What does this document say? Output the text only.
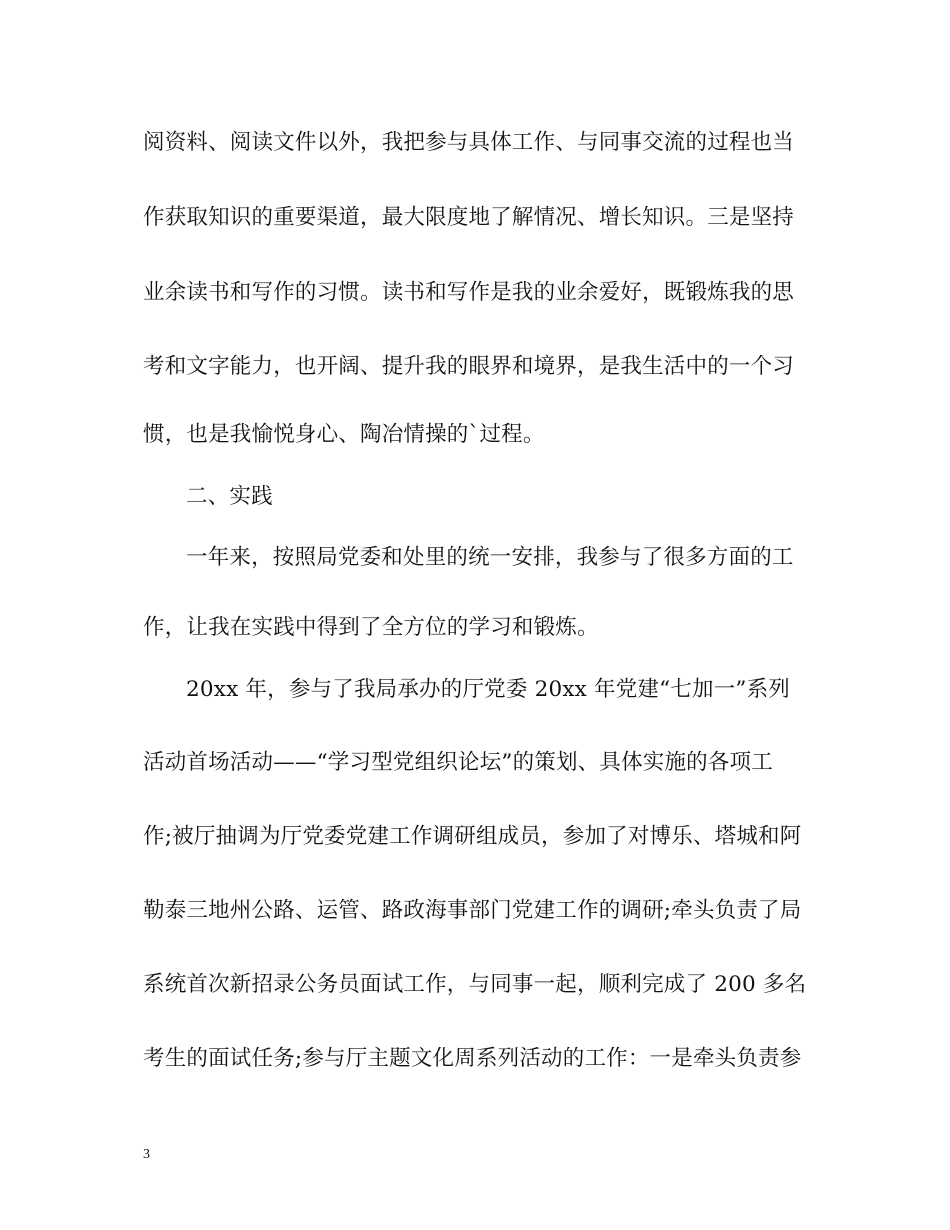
阅资料、阅读文件以外，我把参与具体工作、与同事交流的过程也当
作获取知识的重要渠道，最大限度地了解情况、增长知识。三是坚持
业余读书和写作的习惯。读书和写作是我的业余爱好，既锻炼我的思
考和文字能力，也开阔、提升我的眼界和境界，是我生活中的一个习
惯，也是我愉悦身心、陶冶情操的`过程。
二、实践
一年来，按照局党委和处里的统一安排，我参与了很多方面的工
作，让我在实践中得到了全方位的学习和锻炼。
20xx 年，参与了我局承办的厅党委 20xx 年党建“七加一”系列
活动首场活动——“学习型党组织论坛”的策划、具体实施的各项工
作;被厅抽调为厅党委党建工作调研组成员，参加了对博乐、塔城和阿
勒泰三地州公路、运管、路政海事部门党建工作的调研;牵头负责了局
系统首次新招录公务员面试工作，与同事一起，顺利完成了 200 多名
考生的面试任务;参与厅主题文化周系列活动的工作：一是牵头负责参
3
